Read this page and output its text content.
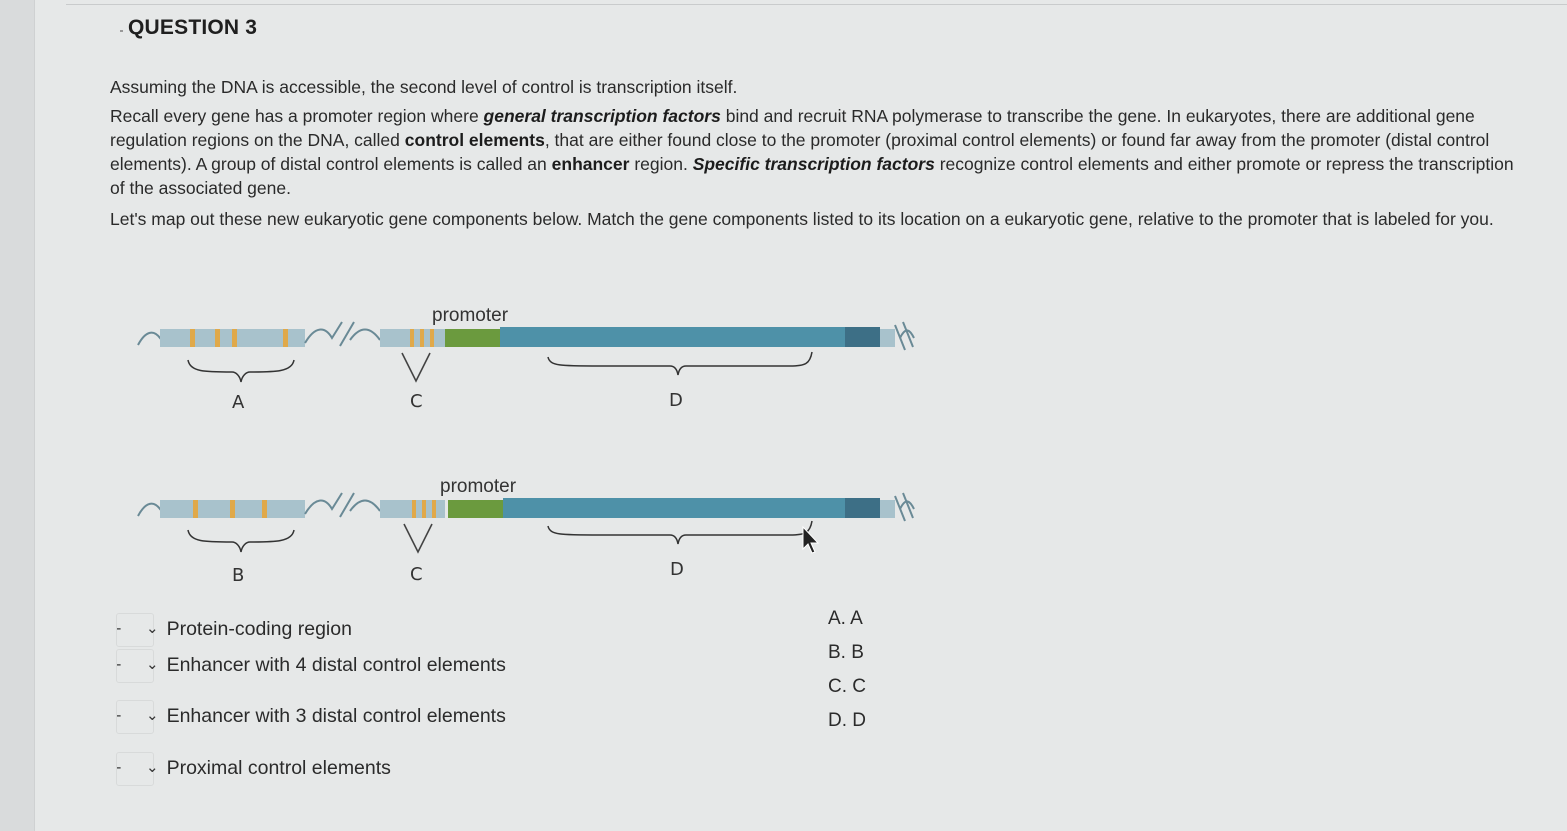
QUESTION 3
Assuming the DNA is accessible, the second level of control is transcription itself.
Recall every gene has a promoter region where general transcription factors bind and recruit RNA polymerase to transcribe the gene. In eukaryotes, there are additional gene regulation regions on the DNA, called control elements, that are either found close to the promoter (proximal control elements) or found far away from the promoter (distal control elements). A group of distal control elements is called an enhancer region. Specific transcription factors recognize control elements and either promote or repress the transcription of the associated gene.
Let's map out these new eukaryotic gene components below. Match the gene components listed to its location on a eukaryotic gene, relative to the promoter that is labeled for you.
promoter
A	C	D
promoter
B	C	D
-	⌄ Protein-coding region
-	⌄ Enhancer with 4 distal control elements
-	⌄ Enhancer with 3 distal control elements
-	⌄ Proximal control elements
A. A
B. B
C. C
D. D
